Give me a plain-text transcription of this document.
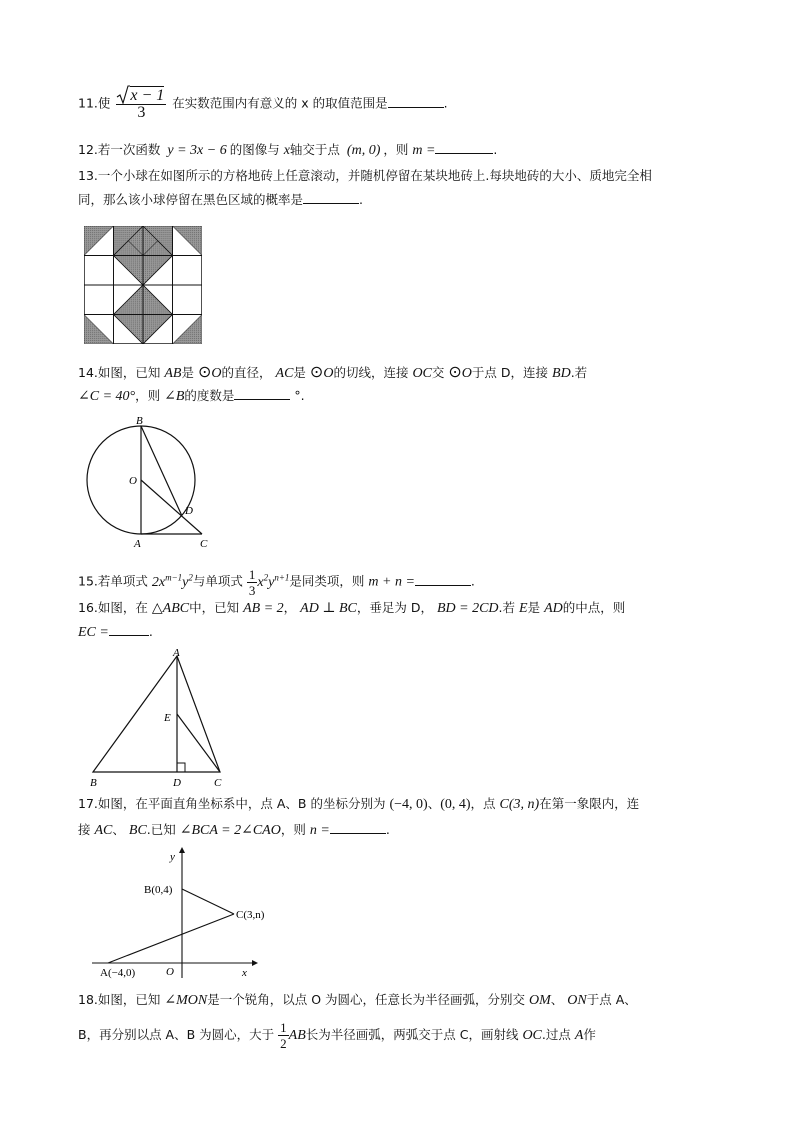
11.使 $\frac{x - 1}{3}$ 在实数范围内有意义的 x 的取值范围是	.
12.若一次函数 y = 3x − 6 的图像与 x轴交于点 (m, 0) ，则 m =	.
13.一个小球在如图所示的方格地砖上任意滚动，并随机停留在某块地砖上.每块地砖的大小、质地完全相
同，那么该小球停留在黑色区域的概率是	.
14.如图，已知 AB是 ⊙O的直径， AC是 ⊙O的切线，连接 OC交 ⊙O于点 D，连接 BD.若
∠C = 40°，则 ∠B的度数是	°.
B
O
D
A	C
15.若单项式 $2x^{m-1}y^2$与单项式 $\frac{1}{3} x^2y^{n+1}$是同类项，则 m + n =	.
16.如图，在 △ABC中，已知 AB = 2， AD ⊥ BC，垂足为 D， BD = 2CD.若 E是 AD的中点，则
EC =	.
A
E
B	D	C
17.如图，在平面直角坐标系中，点 A、B 的坐标分别为 (−4, 0)、(0, 4)，点 C(3, n)在第一象限内，连
接 AC、 BC.已知 ∠BCA = 2∠CAO，则 n =	.
y
x
O
B(0,4)
A(−4,0)
C(3,n)
18.如图，已知 ∠MON是一个锐角，以点 O 为圆心，任意长为半径画弧，分别交 OM、 ON于点 A、
B，再分别以点 A、B 为圆心，大于 $\frac{1}{2}$ AB长为半径画弧，两弧交于点 C，画射线 OC.过点 A作
